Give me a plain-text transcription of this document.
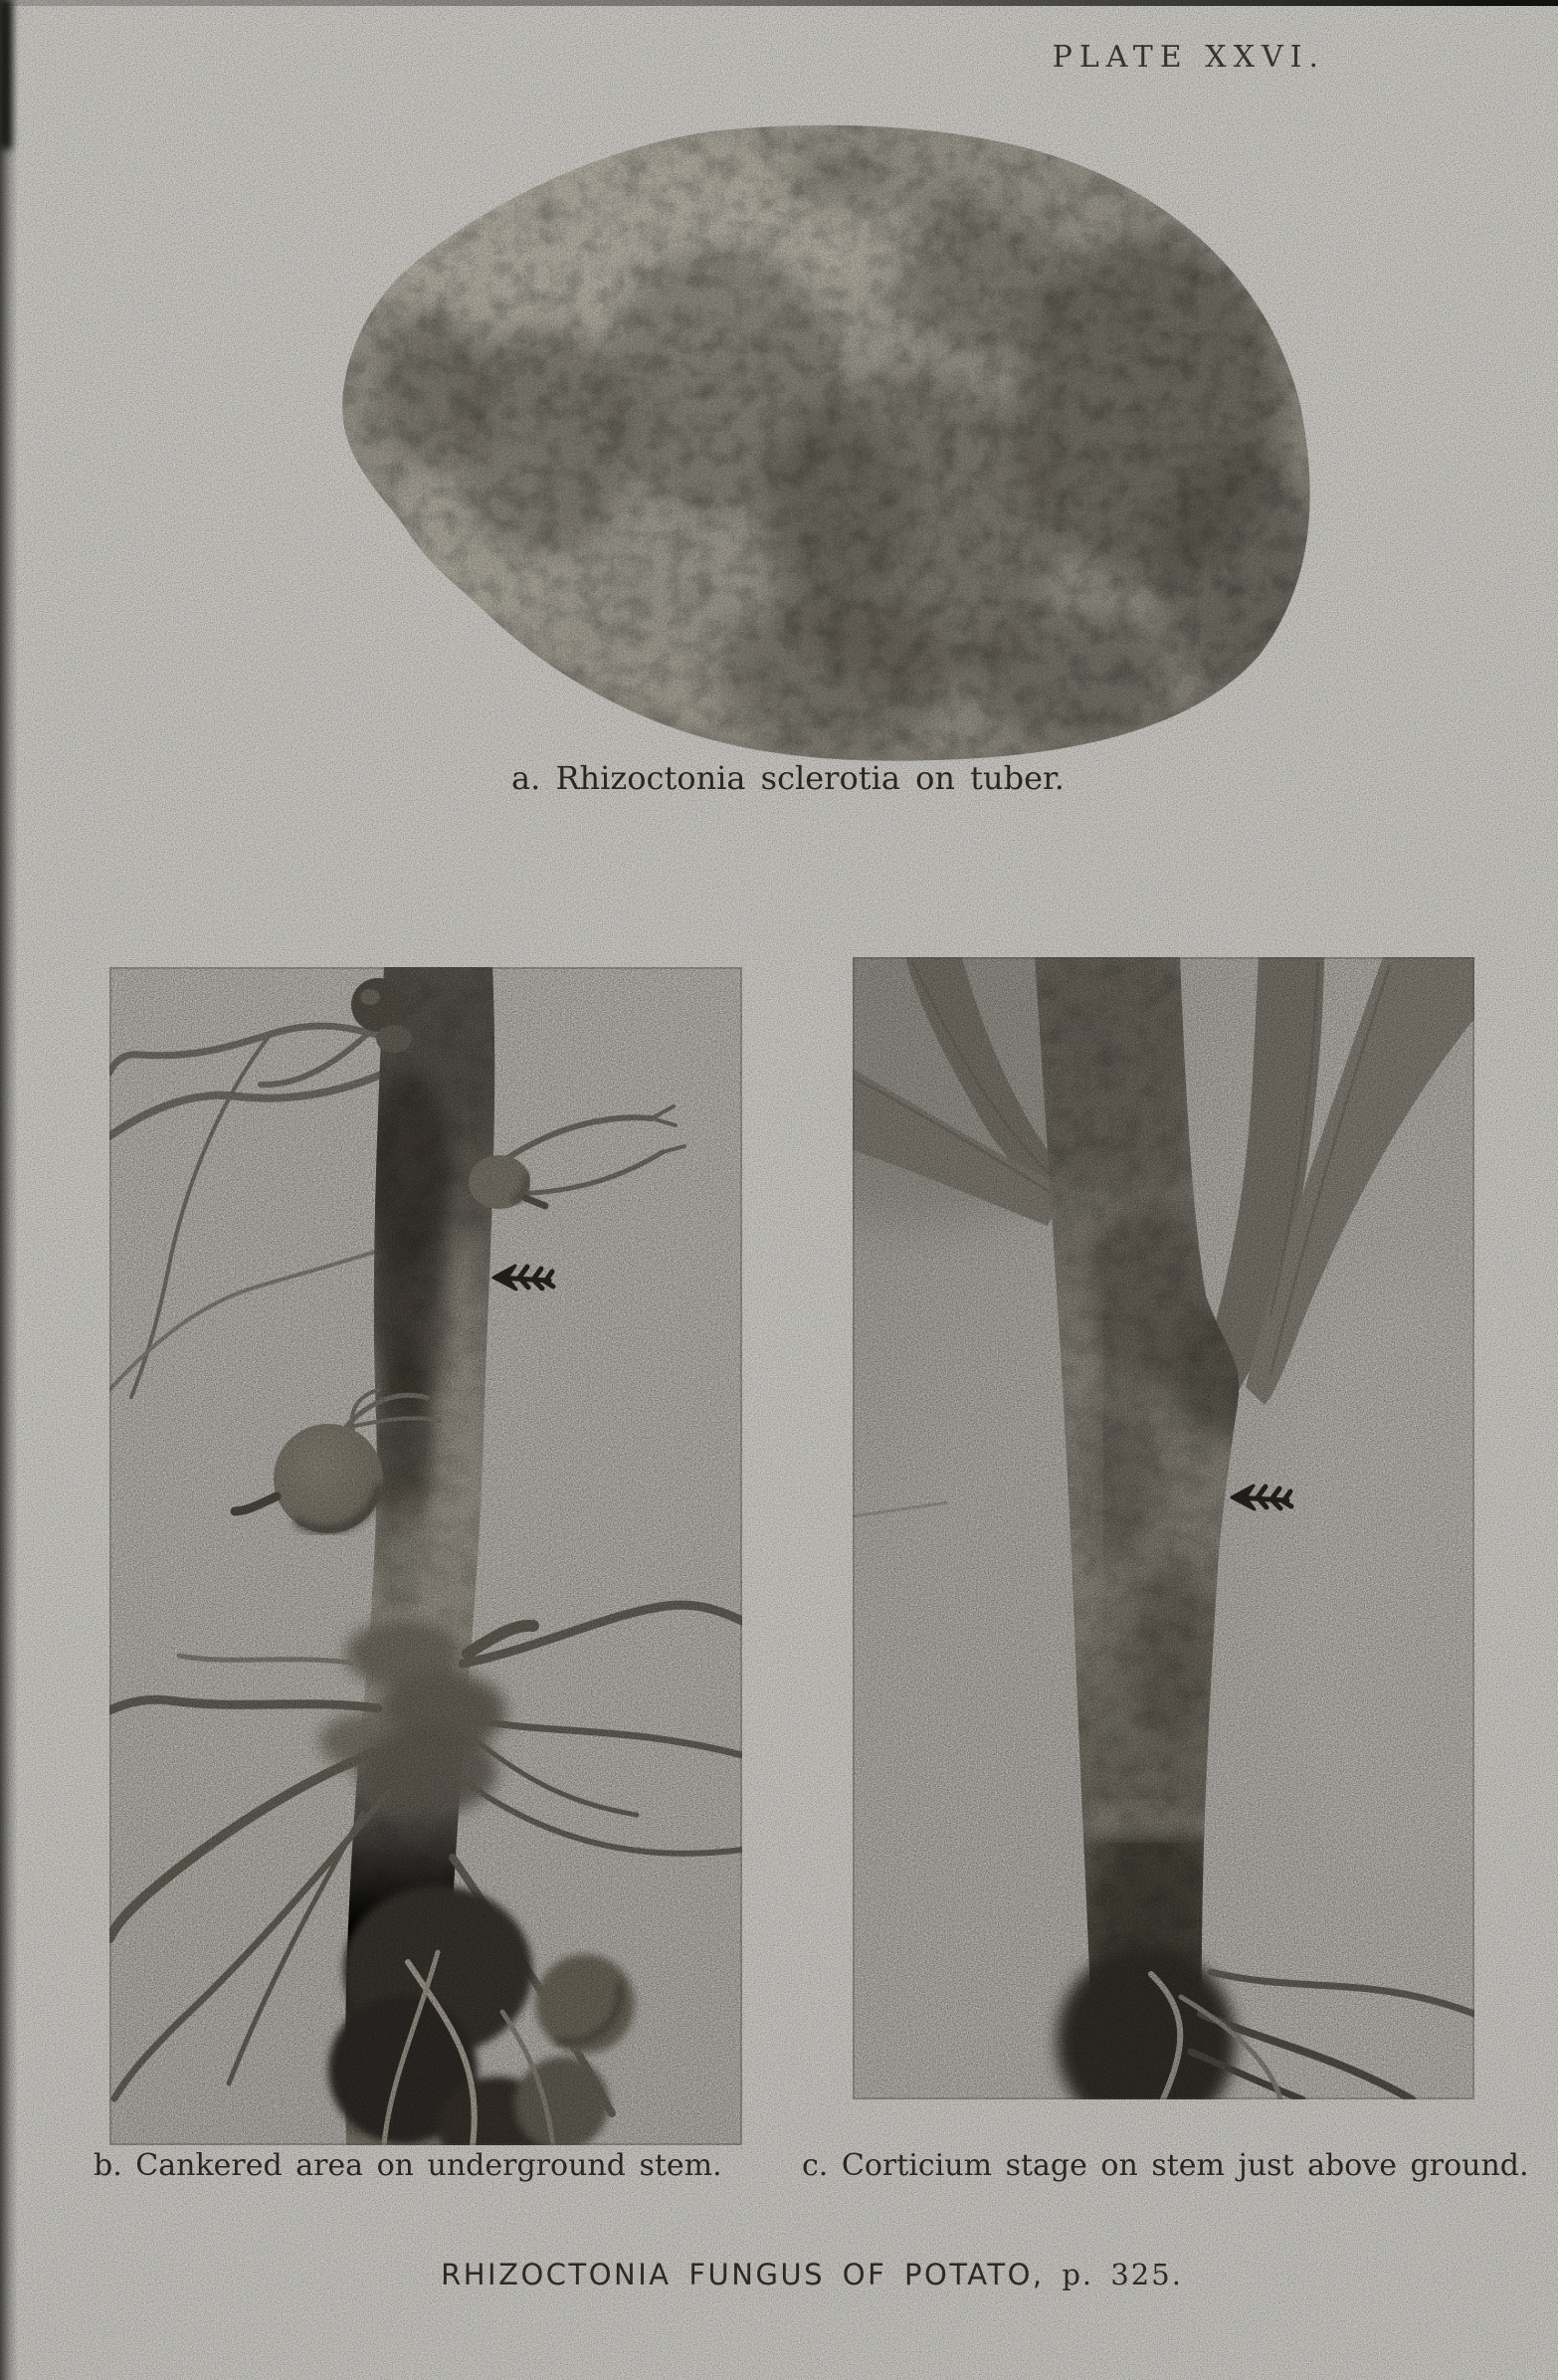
PLATE XXVI.
a. Rhizoctonia sclerotia on tuber.
b. Cankered area on underground stem.	c. Corticium stage on stem just above ground.
RHIZOCTONIA FUNGUS OF POTATO, p. 325.
